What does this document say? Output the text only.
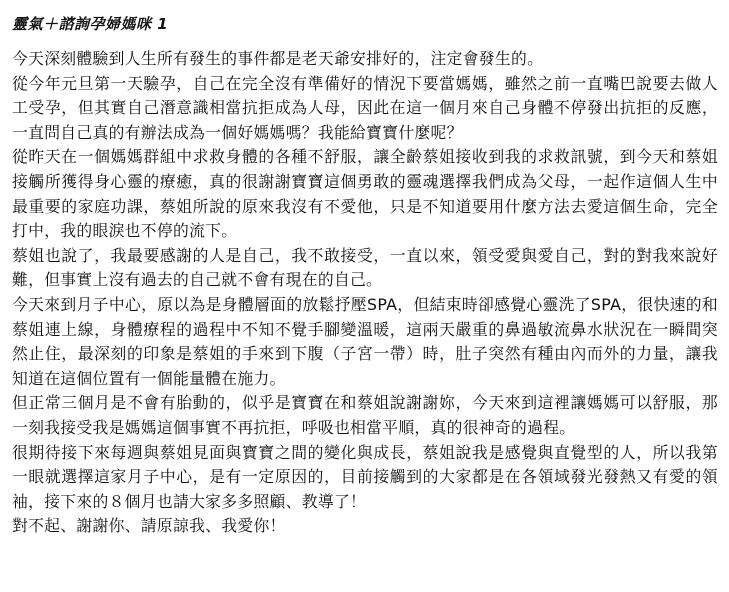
靈氣＋諮詢孕婦媽咪 1

今天深刻體驗到人生所有發生的事件都是老天爺安排好的，注定會發生的。

從今年元旦第一天驗孕，自己在完全沒有準備好的情況下要當媽媽，雖然之前一直嘴巴說要去做人工受孕，但其實自己潛意識相當抗拒成為人母，因此在這一個月來自己身體不停發出抗拒的反應，一直問自己真的有辦法成為一個好媽媽嗎？我能給寶寶什麼呢？

從昨天在一個媽媽群組中求救身體的各種不舒服，讓全齡蔡姐接收到我的求救訊號，到今天和蔡姐接觸所獲得身心靈的療癒，真的很謝謝寶寶這個勇敢的靈魂選擇我們成為父母，一起作這個人生中最重要的家庭功課，蔡姐所說的原來我沒有不愛他，只是不知道要用什麼方法去愛這個生命，完全打中，我的眼淚也不停的流下。

蔡姐也說了，我最要感謝的人是自己，我不敢接受，一直以來，領受愛與愛自己，對的對我來說好難，但事實上沒有過去的自己就不會有現在的自己。

今天來到月子中心，原以為是身體層面的放鬆抒壓SPA，但結束時卻感覺心靈洗了SPA，很快速的和蔡姐連上線，身體療程的過程中不知不覺手腳變溫暖，這兩天嚴重的鼻過敏流鼻水狀況在一瞬間突然止住，最深刻的印象是蔡姐的手來到下腹（子宮一帶）時，肚子突然有種由內而外的力量，讓我知道在這個位置有一個能量體在施力。

但正常三個月是不會有胎動的，似乎是寶寶在和蔡姐說謝謝妳，今天來到這裡讓媽媽可以舒服，那一刻我接受我是媽媽這個事實不再抗拒，呼吸也相當平順，真的很神奇的過程。

很期待接下來每週與蔡姐見面與寶寶之間的變化與成長，蔡姐說我是感覺與直覺型的人，所以我第一眼就選擇這家月子中心，是有一定原因的，目前接觸到的大家都是在各領域發光發熱又有愛的領袖，接下來的８個月也請大家多多照顧、教導了！

對不起、謝謝你、請原諒我、我愛你！
